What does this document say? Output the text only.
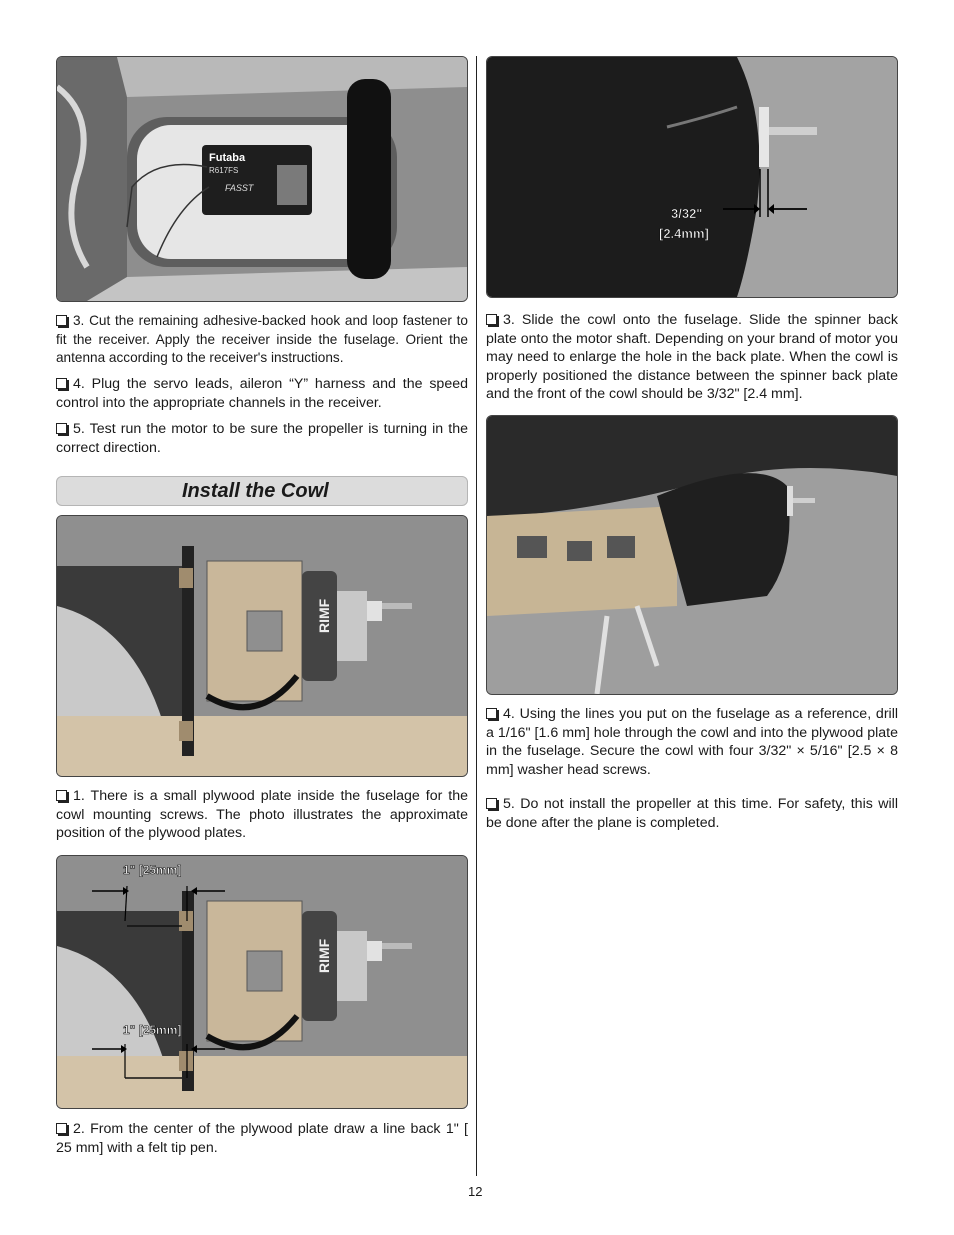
Futaba
R617FS
FASST

3. Cut the remaining adhesive-backed hook and loop fastener to fit the receiver. Apply the receiver inside the fuselage. Orient the antenna according to the receiver's instructions.

4. Plug the servo leads, aileron “Y” harness and the speed control into the appropriate channels in the receiver.

5. Test run the motor to be sure the propeller is turning in the correct direction.

Install the Cowl
RIMF

1. There is a small plywood plate inside the fuselage for the cowl mounting screws. The photo illustrates the approximate position of the plywood plates.

RIMF
1" [25mm]
1" [25mm]

2. From the center of the plywood plate draw a line back 1" [ 25 mm] with a felt tip pen.

3/32"
[2.4mm]

3. Slide the cowl onto the fuselage. Slide the spinner back plate onto the motor shaft. Depending on your brand of motor you may need to enlarge the hole in the back plate. When the cowl is properly positioned the distance between the spinner back plate and the front of the cowl should be 3/32" [2.4 mm].

4. Using the lines you put on the fuselage as a reference, drill a 1/16" [1.6 mm] hole through the cowl and into the plywood plate in the fuselage. Secure the cowl with four 3/32" × 5/16" [2.5 × 8 mm] washer head screws.

5. Do not install the propeller at this time. For safety, this will be done after the plane is completed.

12
